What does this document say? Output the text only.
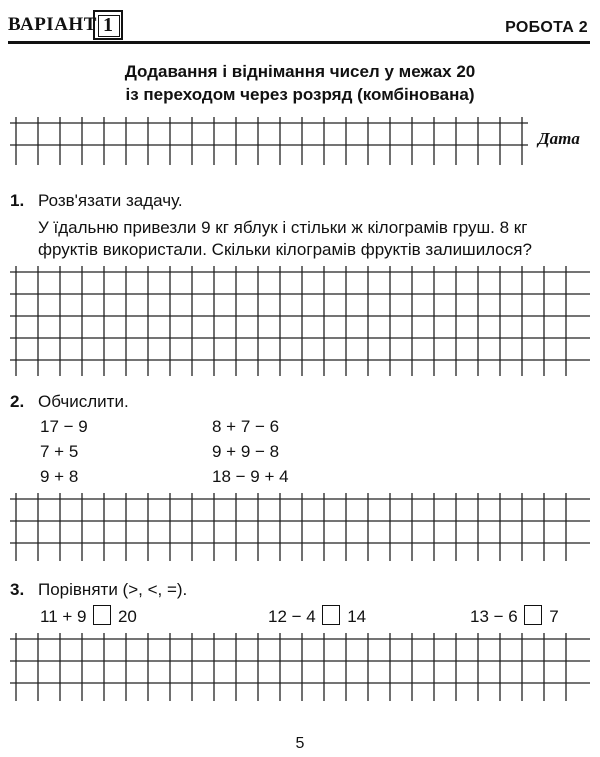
ВАРІАНТ 1	РОБОТА 2
Додавання і віднімання чисел у межах 20
із переходом через розряд (комбінована)
Дата
1. Розв'язати задачу.
У їдальню привезли 9 кг яблук і стільки ж кілограмів груш. 8 кг
фруктів використали. Скільки кілограмів фруктів залишилося?
2. Обчислити.
17 − 9
7 + 5
9 + 8
8 + 7 − 6
9 + 9 − 8
18 − 9 + 4
3. Порівняти (>, <, =).
11 + 9 20	12 − 4 14	13 − 6 7
5
